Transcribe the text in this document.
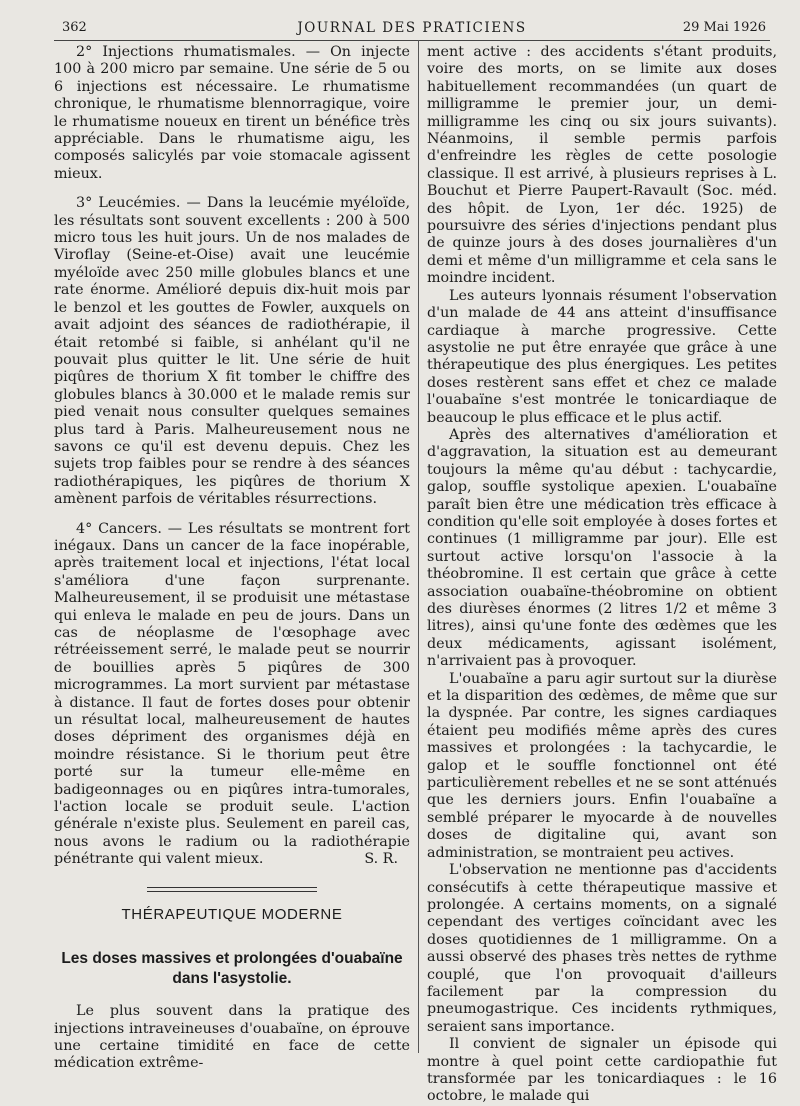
362	JOURNAL DES PRATICIENS	29 Mai 1926

2° Injections rhumatismales. — On injecte 100 à 200 micro par semaine. Une série de 5 ou 6 injections est nécessaire. Le rhumatisme chronique, le rhumatisme blennorragique, voire le rhumatisme noueux en tirent un bénéfice très appréciable. Dans le rhumatisme aigu, les composés salicylés par voie stomacale agissent mieux.

3° Leucémies. — Dans la leucémie myéloïde, les résultats sont souvent excellents : 200 à 500 micro tous les huit jours. Un de nos malades de Viroflay (Seine-et-Oise) avait une leucémie myéloïde avec 250 mille globules blancs et une rate énorme. Amélioré depuis dix-huit mois par le benzol et les gouttes de Fowler, auxquels on avait adjoint des séances de radiothérapie, il était retombé si faible, si anhélant qu'il ne pouvait plus quitter le lit. Une série de huit piqûres de thorium X fit tomber le chiffre des globules blancs à 30.000 et le malade remis sur pied venait nous consulter quelques semaines plus tard à Paris. Malheureusement nous ne savons ce qu'il est devenu depuis. Chez les sujets trop faibles pour se rendre à des séances radiothérapiques, les piqûres de thorium X amènent parfois de véritables résurrections.

4° Cancers. — Les résultats se montrent fort inégaux. Dans un cancer de la face inopérable, après traitement local et injections, l'état local s'améliora d'une façon surprenante. Malheureusement, il se produisit une métastase qui enleva le malade en peu de jours. Dans un cas de néoplasme de l'œsophage avec rétréeissement serré, le malade peut se nourrir de bouillies après 5 piqûres de 300 microgrammes. La mort survient par métastase à distance. Il faut de fortes doses pour obtenir un résultat local, malheureusement de hautes doses dépriment des organismes déjà en moindre résistance. Si le thorium peut être porté sur la tumeur elle-même en badigeonnages ou en piqûres intra-tumorales, l'action locale se produit seule. L'action générale n'existe plus. Seulement en pareil cas, nous avons le radium ou la radiothérapie pénétrante qui valent mieux.	S. R.

THÉRAPEUTIQUE MODERNE
Les doses massives et prolongées d'ouabaïne dans l'asystolie.

Le plus souvent dans la pratique des injections intraveineuses d'ouabaïne, on éprouve une certaine timidité en face de cette médication extrême-

ment active : des accidents s'étant produits, voire des morts, on se limite aux doses habituellement recommandées (un quart de milligramme le premier jour, un demi-milligramme les cinq ou six jours suivants). Néanmoins, il semble permis parfois d'enfreindre les règles de cette posologie classique. Il est arrivé, à plusieurs reprises à L. Bouchut et Pierre Paupert-Ravault (Soc. méd. des hôpit. de Lyon, 1er déc. 1925) de poursuivre des séries d'injections pendant plus de quinze jours à des doses journalières d'un demi et même d'un milligramme et cela sans le moindre incident.

Les auteurs lyonnais résument l'observation d'un malade de 44 ans atteint d'insuffisance cardiaque à marche progressive. Cette asystolie ne put être enrayée que grâce à une thérapeutique des plus énergiques. Les petites doses restèrent sans effet et chez ce malade l'ouabaïne s'est montrée le tonicardiaque de beaucoup le plus efficace et le plus actif.

Après des alternatives d'amélioration et d'aggravation, la situation est au demeurant toujours la même qu'au début : tachycardie, galop, souffle systolique apexien. L'ouabaïne paraît bien être une médication très efficace à condition qu'elle soit employée à doses fortes et continues (1 milligramme par jour). Elle est surtout active lorsqu'on l'associe à la théobromine. Il est certain que grâce à cette association ouabaïne-théobromine on obtient des diurèses énormes (2 litres 1/2 et même 3 litres), ainsi qu'une fonte des œdèmes que les deux médicaments, agissant isolément, n'arrivaient pas à provoquer.

L'ouabaïne a paru agir surtout sur la diurèse et la disparition des œdèmes, de même que sur la dyspnée. Par contre, les signes cardiaques étaient peu modifiés même après des cures massives et prolongées : la tachycardie, le galop et le souffle fonctionnel ont été particulièrement rebelles et ne se sont atténués que les derniers jours. Enfin l'ouabaïne a semblé préparer le myocarde à de nouvelles doses de digitaline qui, avant son administration, se montraient peu actives.

L'observation ne mentionne pas d'accidents consécutifs à cette thérapeutique massive et prolongée. A certains moments, on a signalé cependant des vertiges coïncidant avec les doses quotidiennes de 1 milligramme. On a aussi observé des phases très nettes de rythme couplé, que l'on provoquait d'ailleurs facilement par la compression du pneumogastrique. Ces incidents rythmiques, seraient sans importance.

Il convient de signaler un épisode qui montre à quel point cette cardiopathie fut transformée par les tonicardiaques : le 16 octobre, le malade qui
